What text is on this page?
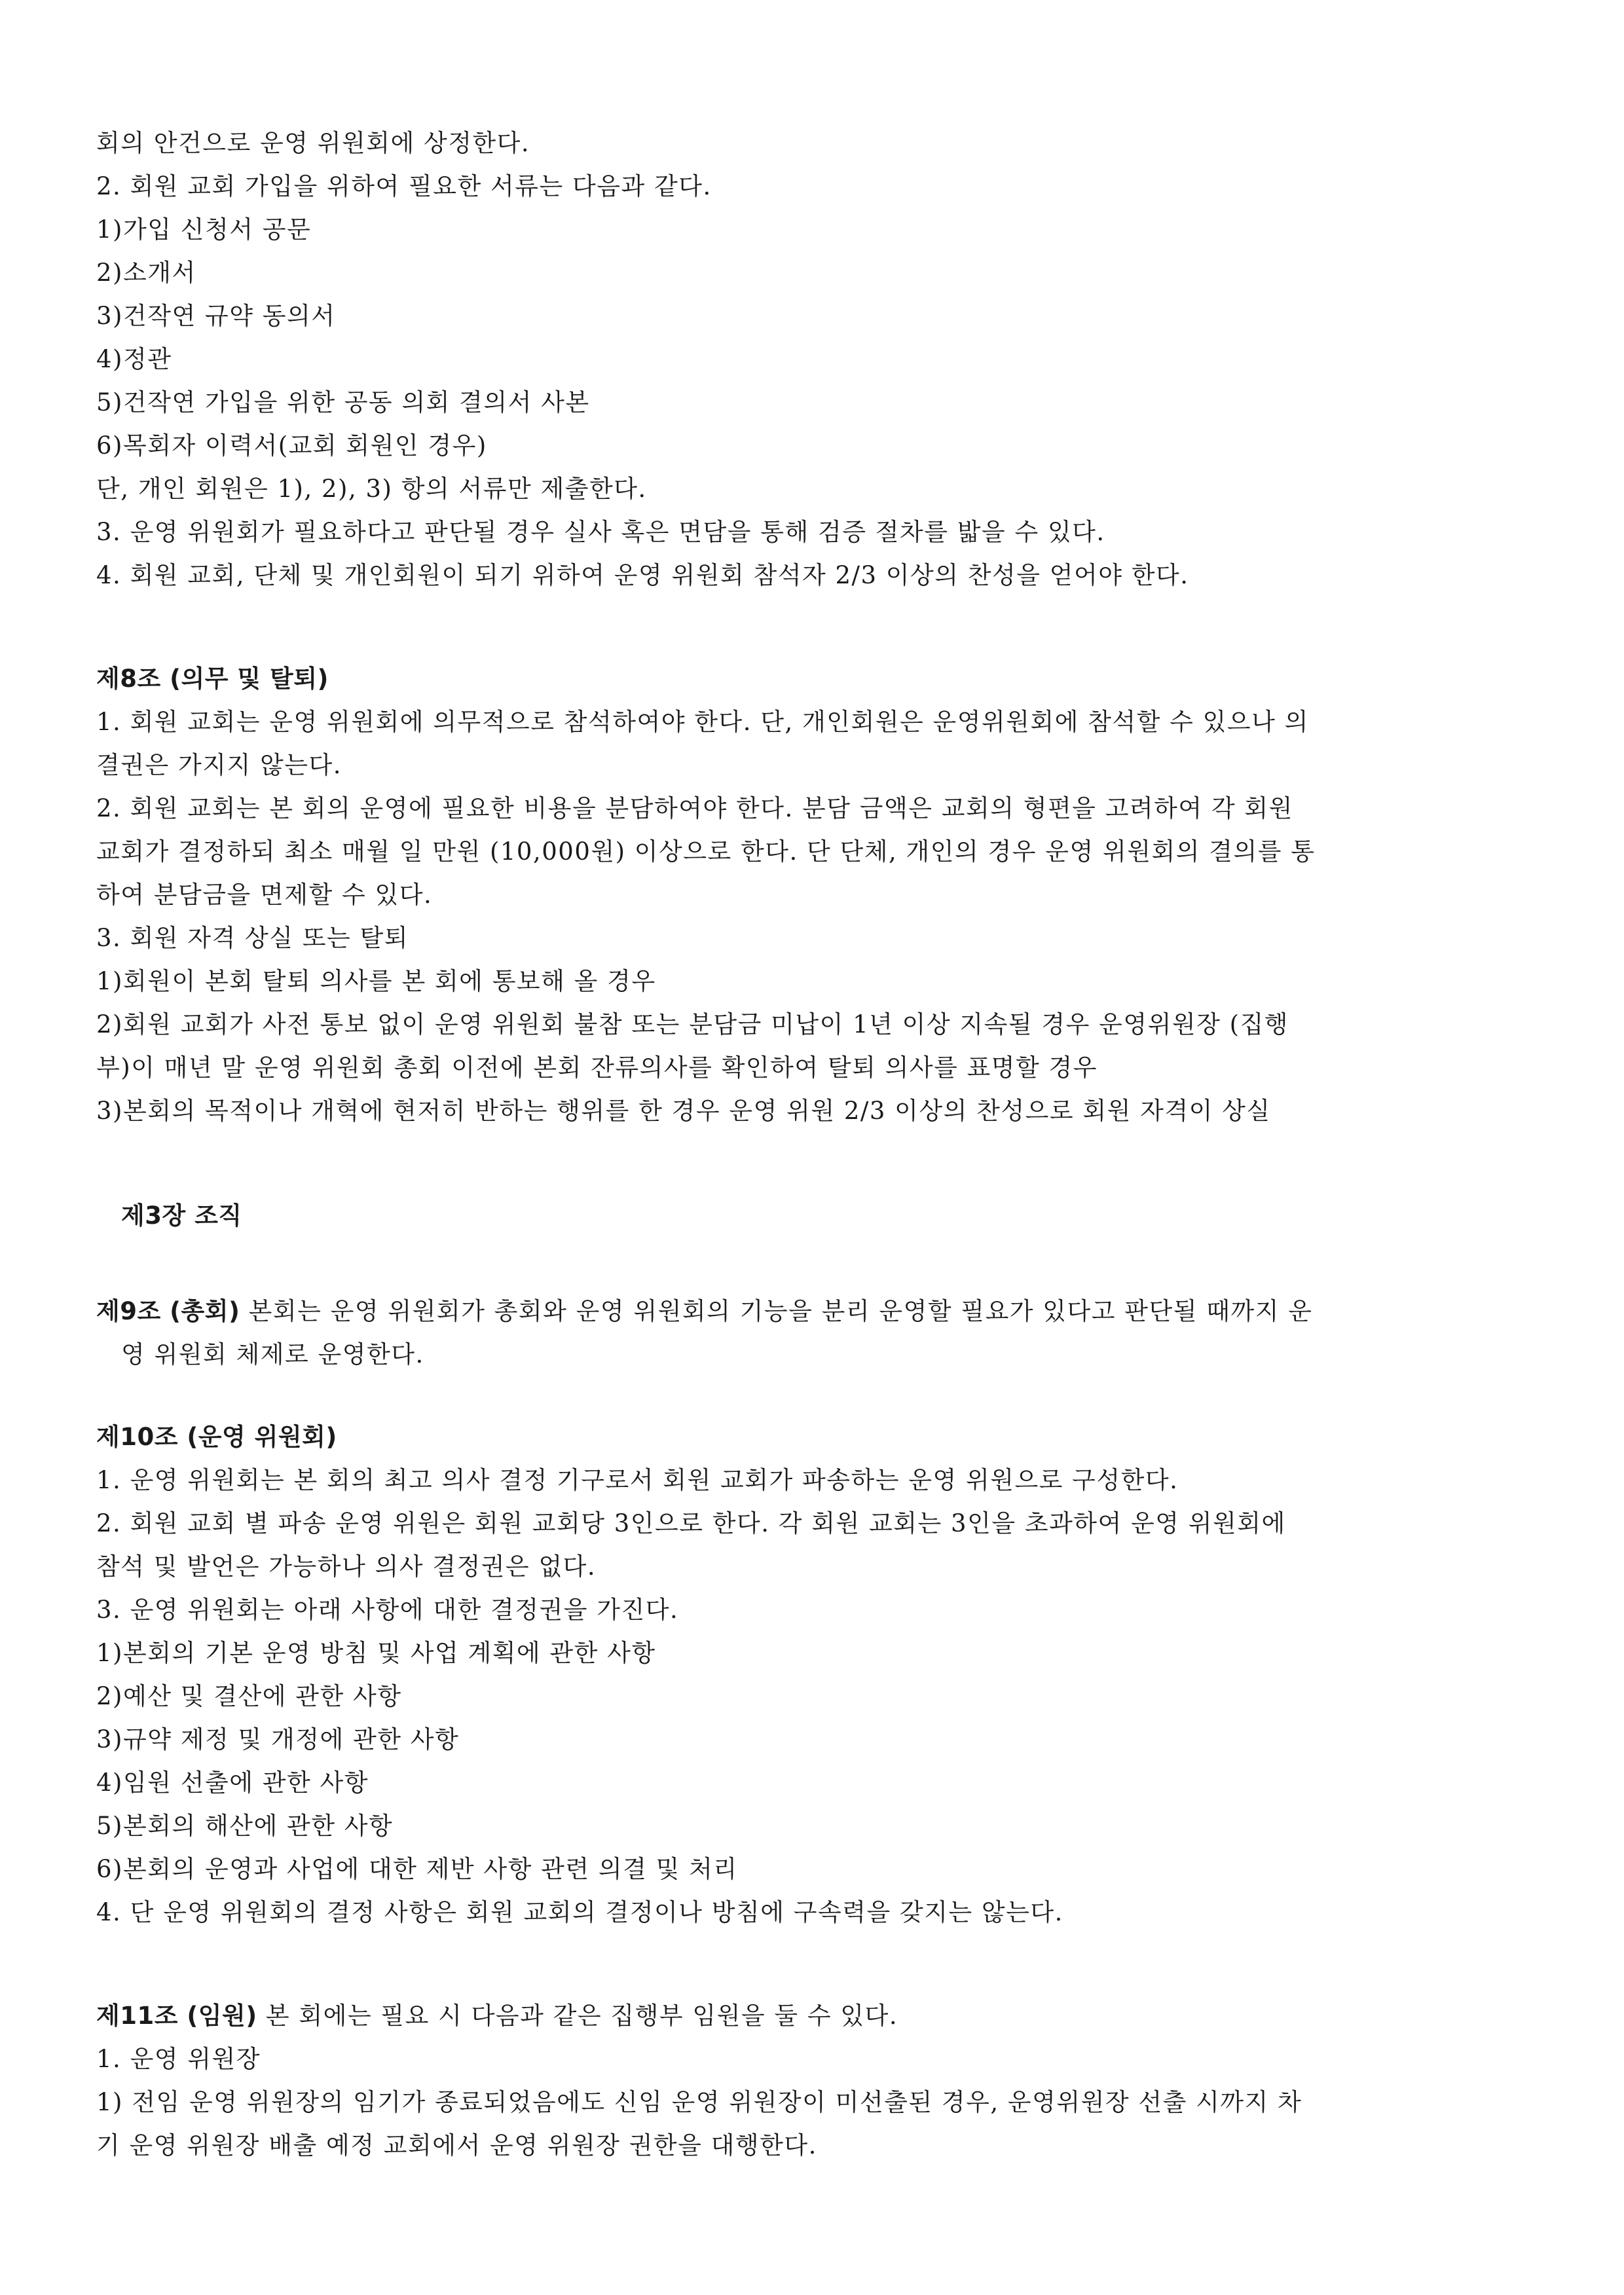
회의 안건으로 운영 위원회에 상정한다.

2. 회원 교회 가입을 위하여 필요한 서류는 다음과 같다.

1)가입 신청서 공문

2)소개서

3)건작연 규약 동의서

4)정관

5)건작연 가입을 위한 공동 의회 결의서 사본

6)목회자 이력서(교회 회원인 경우)

단, 개인 회원은 1), 2), 3) 항의 서류만 제출한다.

3. 운영 위원회가 필요하다고 판단될 경우 실사 혹은 면담을 통해 검증 절차를 밟을 수 있다.

4. 회원 교회, 단체 및 개인회원이 되기 위하여 운영 위원회 참석자 2/3 이상의 찬성을 얻어야 한다.

제8조 (의무 및 탈퇴)

1. 회원 교회는 운영 위원회에 의무적으로 참석하여야 한다. 단, 개인회원은 운영위원회에 참석할 수 있으나 의

결권은 가지지 않는다.

2. 회원 교회는 본 회의 운영에 필요한 비용을 분담하여야 한다. 분담 금액은 교회의 형편을 고려하여 각 회원

교회가 결정하되 최소 매월 일 만원 (10,000원) 이상으로 한다. 단 단체, 개인의 경우 운영 위원회의 결의를 통

하여 분담금을 면제할 수 있다.

3. 회원 자격 상실 또는 탈퇴

1)회원이 본회 탈퇴 의사를 본 회에 통보해 올 경우

2)회원 교회가 사전 통보 없이 운영 위원회 불참 또는 분담금 미납이 1년 이상 지속될 경우 운영위원장 (집행

부)이 매년 말 운영 위원회 총회 이전에 본회 잔류의사를 확인하여 탈퇴 의사를 표명할 경우

3)본회의 목적이나 개혁에 현저히 반하는 행위를 한 경우 운영 위원 2/3 이상의 찬성으로 회원 자격이 상실

제3장 조직

제9조 (총회) 본회는 운영 위원회가 총회와 운영 위원회의 기능을 분리 운영할 필요가 있다고 판단될 때까지 운

영 위원회 체제로 운영한다.

제10조 (운영 위원회)

1. 운영 위원회는 본 회의 최고 의사 결정 기구로서 회원 교회가 파송하는 운영 위원으로 구성한다.

2. 회원 교회 별 파송 운영 위원은 회원 교회당 3인으로 한다. 각 회원 교회는 3인을 초과하여 운영 위원회에

참석 및 발언은 가능하나 의사 결정권은 없다.

3. 운영 위원회는 아래 사항에 대한 결정권을 가진다.

1)본회의 기본 운영 방침 및 사업 계획에 관한 사항

2)예산 및 결산에 관한 사항

3)규약 제정 및 개정에 관한 사항

4)임원 선출에 관한 사항

5)본회의 해산에 관한 사항

6)본회의 운영과 사업에 대한 제반 사항 관련 의결 및 처리

4. 단 운영 위원회의 결정 사항은 회원 교회의 결정이나 방침에 구속력을 갖지는 않는다.

제11조 (임원) 본 회에는 필요 시 다음과 같은 집행부 임원을 둘 수 있다.

1. 운영 위원장

1) 전임 운영 위원장의 임기가 종료되었음에도 신임 운영 위원장이 미선출된 경우, 운영위원장 선출 시까지 차

기 운영 위원장 배출 예정 교회에서 운영 위원장 권한을 대행한다.
